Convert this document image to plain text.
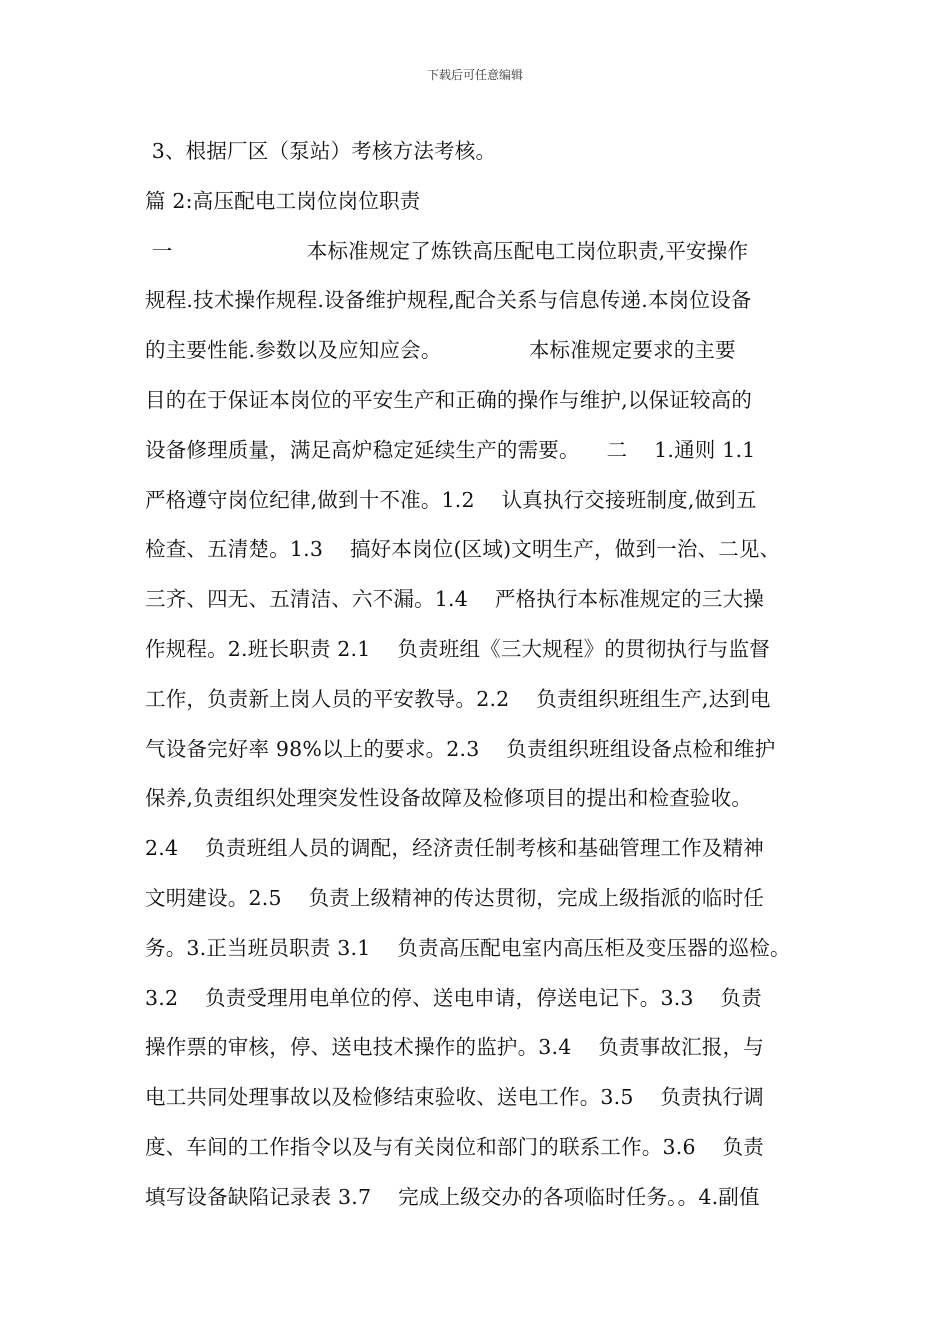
下载后可任意编辑
3、根据厂区（泵站）考核方法考核。
篇 2:高压配电工岗位岗位职责
一                    本标准规定了炼铁高压配电工岗位职责,平安操作
规程.技术操作规程.设备维护规程,配合关系与信息传递.本岗位设备
的主要性能.参数以及应知应会。             本标准规定要求的主要
目的在于保证本岗位的平安生产和正确的操作与维护,以保证较高的
设备修理质量，满足高炉稳定延续生产的需要。    二    1.通则 1.1
严格遵守岗位纪律,做到十不准。1.2    认真执行交接班制度,做到五
检查、五清楚。1.3    搞好本岗位(区域)文明生产，做到一治、二见、
三齐、四无、五清洁、六不漏。1.4    严格执行本标准规定的三大操
作规程。2.班长职责 2.1    负责班组《三大规程》的贯彻执行与监督
工作，负责新上岗人员的平安教导。2.2    负责组织班组生产,达到电
气设备完好率 98%以上的要求。2.3    负责组织班组设备点检和维护
保养,负责组织处理突发性设备故障及检修项目的提出和检查验收。
2.4    负责班组人员的调配，经济责任制考核和基础管理工作及精神
文明建设。2.5    负责上级精神的传达贯彻，完成上级指派的临时任
务。3.正当班员职责 3.1    负责高压配电室内高压柜及变压器的巡检。
3.2    负责受理用电单位的停、送电申请，停送电记下。3.3    负责
操作票的审核，停、送电技术操作的监护。3.4    负责事故汇报，与
电工共同处理事故以及检修结束验收、送电工作。3.5    负责执行调
度、车间的工作指令以及与有关岗位和部门的联系工作。3.6    负责
填写设备缺陷记录表 3.7    完成上级交办的各项临时任务。。4.副值
